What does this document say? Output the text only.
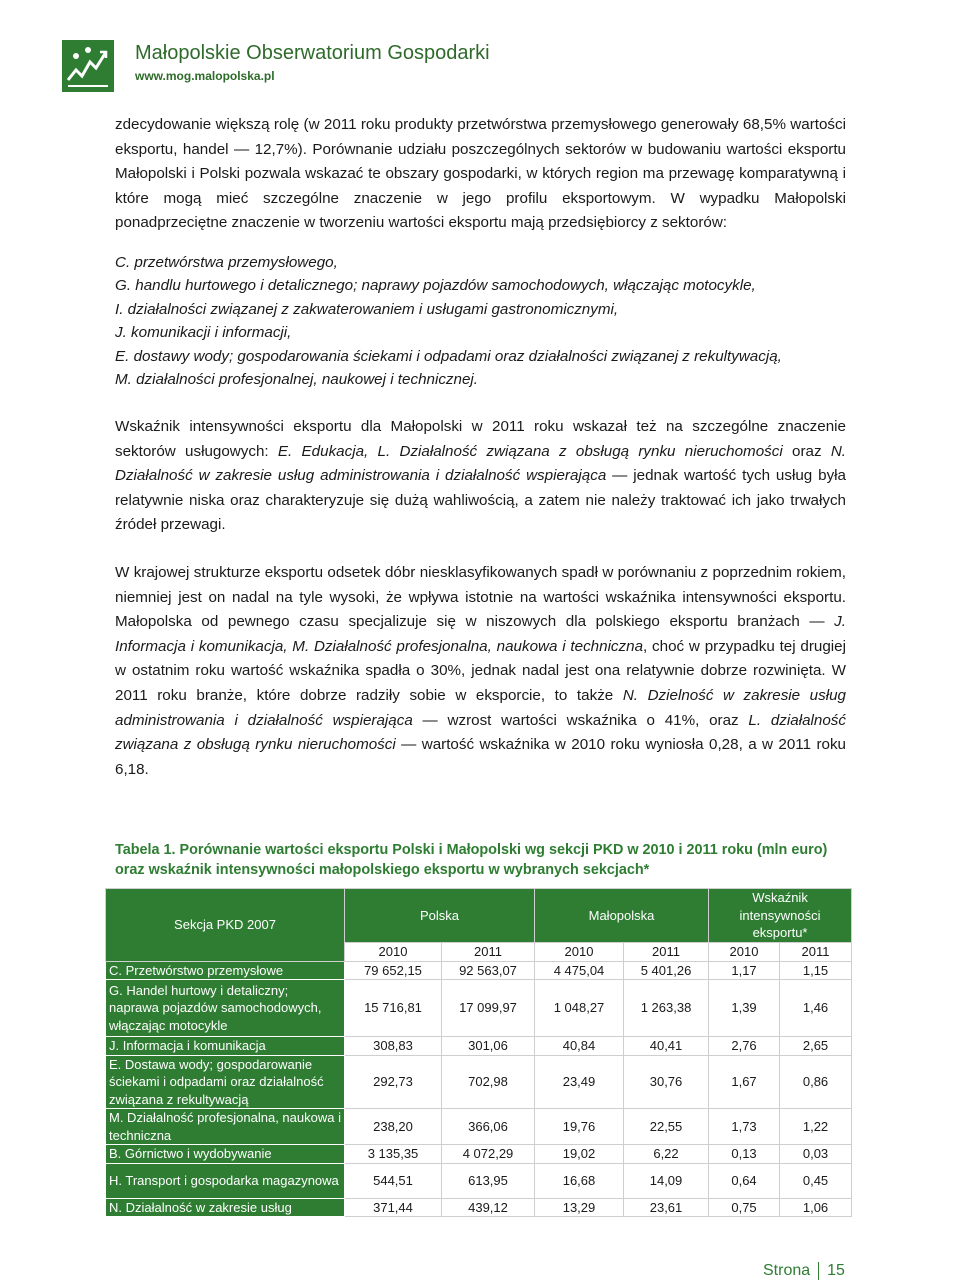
Małopolskie Obserwatorium Gospodarki
www.mog.malopolska.pl

zdecydowanie większą rolę (w 2011 roku produkty przetwórstwa przemysłowego generowały 68,5% wartości eksportu, handel — 12,7%). Porównanie udziału poszczególnych sektorów w budowaniu wartości eksportu Małopolski i Polski pozwala wskazać te obszary gospodarki, w których region ma przewagę komparatywną i które mogą mieć szczególne znaczenie w jego profilu eksportowym. W wypadku Małopolski ponadprzeciętne znaczenie w tworzeniu wartości eksportu mają przedsiębiorcy z sektorów:

C. przetwórstwa przemysłowego,
G. handlu hurtowego i detalicznego; naprawy pojazdów samochodowych, włączając motocykle,
I. działalności związanej z zakwaterowaniem i usługami gastronomicznymi,
J. komunikacji i informacji,
E. dostawy wody; gospodarowania ściekami i odpadami oraz działalności związanej z rekultywacją,
M. działalności profesjonalnej, naukowej i technicznej.

Wskaźnik intensywności eksportu dla Małopolski w 2011 roku wskazał też na szczególne znaczenie sektorów usługowych: E. Edukacja, L. Działalność związana z obsługą rynku nieruchomości oraz N. Działalność w zakresie usług administrowania i działalność wspierająca — jednak wartość tych usług była relatywnie niska oraz charakteryzuje się dużą wahliwością, a zatem nie należy traktować ich jako trwałych źródeł przewagi.

W krajowej strukturze eksportu odsetek dóbr niesklasyfikowanych spadł w porównaniu z poprzednim rokiem, niemniej jest on nadal na tyle wysoki, że wpływa istotnie na wartości wskaźnika intensywności eksportu. Małopolska od pewnego czasu specjalizuje się w niszowych dla polskiego eksportu branżach — J. Informacja i komunikacja, M. Działalność profesjonalna, naukowa i techniczna, choć w przypadku tej drugiej w ostatnim roku wartość wskaźnika spadła o 30%, jednak nadal jest ona relatywnie dobrze rozwinięta. W 2011 roku branże, które dobrze radziły sobie w eksporcie, to także N. Dzielność w zakresie usług administrowania i działalność wspierająca — wzrost wartości wskaźnika o 41%, oraz L. działalność związana z obsługą rynku nieruchomości — wartość wskaźnika w 2010 roku wyniosła 0,28, a w 2011 roku 6,18.

Tabela 1. Porównanie wartości eksportu Polski i Małopolski wg sekcji PKD w 2010 i 2011 roku (mln euro) oraz wskaźnik intensywności małopolskiego eksportu w wybranych sekcjach*
Sekcja PKD 2007	Polska		Małopolska		Wskaźnik intensywności eksportu*	
	2010	2011	2010	2011	2010	2011
C. Przetwórstwo przemysłowe	79 652,15	92 563,07	4 475,04	5 401,26	1,17	1,15
G. Handel hurtowy i detaliczny; naprawa pojazdów samochodowych, włączając motocykle	15 716,81	17 099,97	1 048,27	1 263,38	1,39	1,46
J. Informacja i komunikacja	308,83	301,06	40,84	40,41	2,76	2,65
E. Dostawa wody; gospodarowanie ściekami i odpadami oraz działalność związana z rekultywacją	292,73	702,98	23,49	30,76	1,67	0,86
M. Działalność profesjonalna, naukowa i techniczna	238,20	366,06	19,76	22,55	1,73	1,22
B. Górnictwo i wydobywanie	3 135,35	4 072,29	19,02	6,22	0,13	0,03
H. Transport i gospodarka magazynowa	544,51	613,95	16,68	14,09	0,64	0,45
N. Działalność w zakresie usług	371,44	439,12	13,29	23,61	0,75	1,06
Strona 15
